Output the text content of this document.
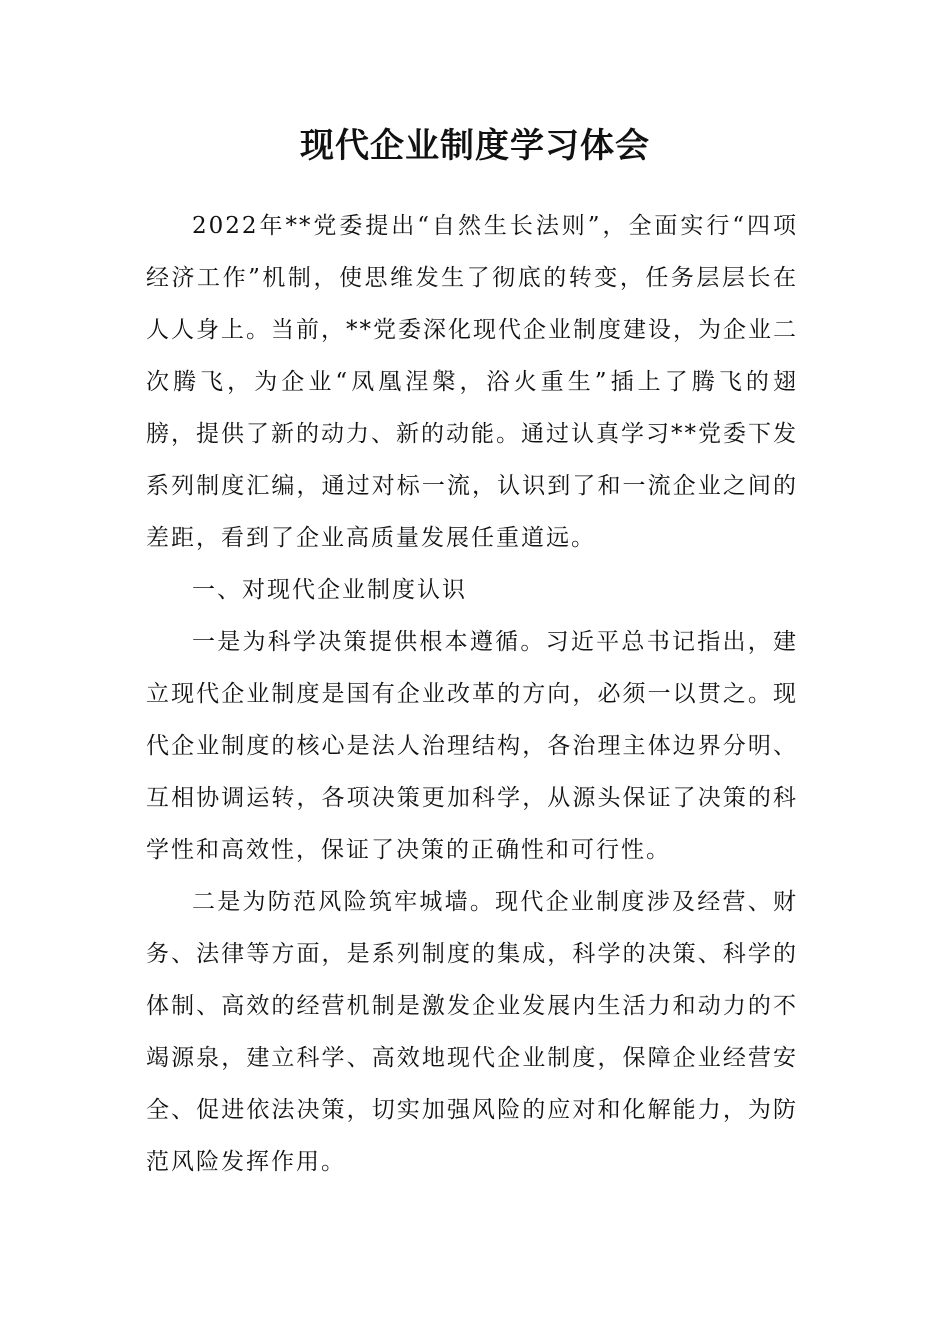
现代企业制度学习体会

2022年**党委提出“自然生长法则”，全面实行“四项经济工作”机制，使思维发生了彻底的转变，任务层层长在人人身上。当前，**党委深化现代企业制度建设，为企业二次腾飞，为企业“凤凰涅槃，浴火重生”插上了腾飞的翅膀，提供了新的动力、新的动能。通过认真学习**党委下发系列制度汇编，通过对标一流，认识到了和一流企业之间的差距，看到了企业高质量发展任重道远。

一、对现代企业制度认识

一是为科学决策提供根本遵循。习近平总书记指出，建立现代企业制度是国有企业改革的方向，必须一以贯之。现代企业制度的核心是法人治理结构，各治理主体边界分明、互相协调运转，各项决策更加科学，从源头保证了决策的科学性和高效性，保证了决策的正确性和可行性。

二是为防范风险筑牢城墙。现代企业制度涉及经营、财务、法律等方面，是系列制度的集成，科学的决策、科学的体制、高效的经营机制是激发企业发展内生活力和动力的不竭源泉，建立科学、高效地现代企业制度，保障企业经营安全、促进依法决策，切实加强风险的应对和化解能力，为防范风险发挥作用。
